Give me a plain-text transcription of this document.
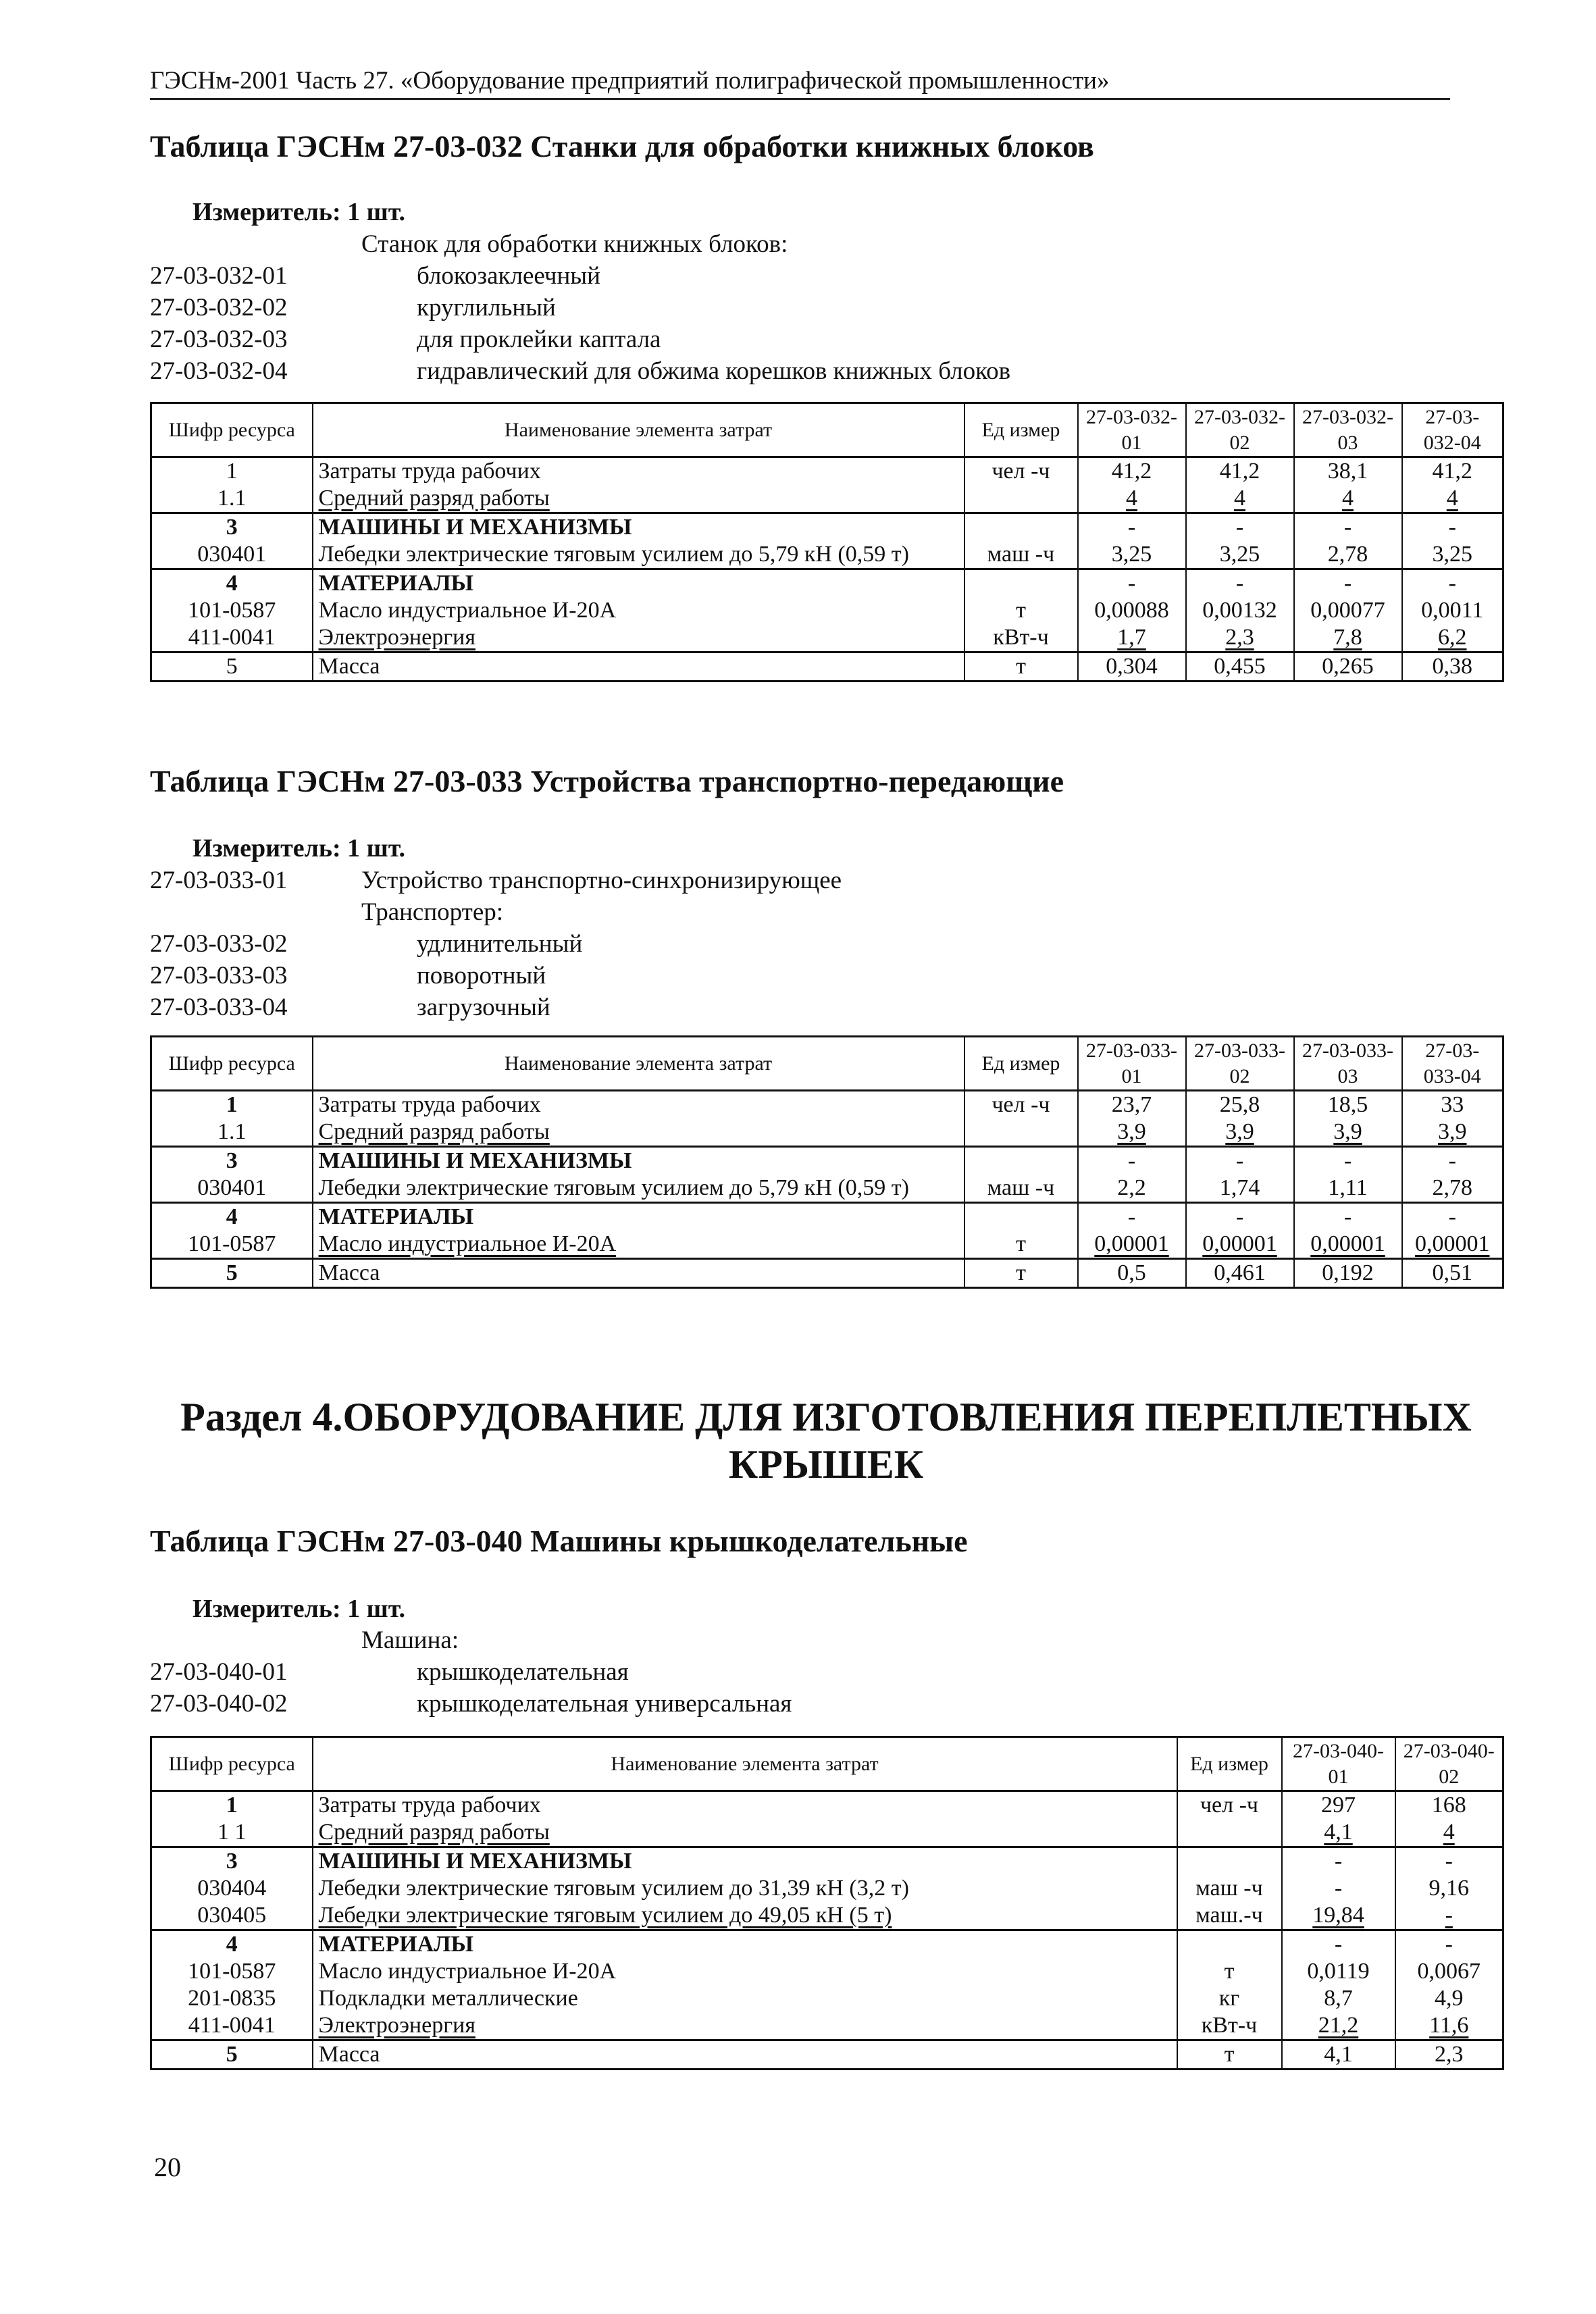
ГЭСНм-2001 Часть 27. «Оборудование предприятий полиграфической промышленности»
Таблица ГЭСНм 27-03-032 Станки для обработки книжных блоков
Измеритель: 1 шт.
Станок для обработки книжных блоков:
27-03-032-01	блокозаклеечный
27-03-032-02	круглильный
27-03-032-03	для проклейки каптала
27-03-032-04	гидравлический для обжима корешков книжных блоков
Шифр ресурса	Наименование элемента затрат	Ед измер	27-03-032-01	27-03-032-02	27-03-032-03	27-03-032-04
1	Затраты труда рабочих	чел -ч	41,2	41,2	38,1	41,2
1.1	Средний разряд работы		4	4	4	4
3	МАШИНЫ И МЕХАНИЗМЫ		-	-	-	-
030401	Лебедки электрические тяговым усилием до 5,79 кН (0,59 т)	маш -ч	3,25	3,25	2,78	3,25
4	МАТЕРИАЛЫ		-	-	-	-
101-0587	Масло индустриальное И-20А	т	0,00088	0,00132	0,00077	0,0011
411-0041	Электроэнергия	кВт-ч	1,7	2,3	7,8	6,2
5	Масса	т	0,304	0,455	0,265	0,38
Таблица ГЭСНм 27-03-033 Устройства транспортно-передающие
Измеритель: 1 шт.
27-03-033-01	Устройство транспортно-синхронизирующее
Транспортер:
27-03-033-02	удлинительный
27-03-033-03	поворотный
27-03-033-04	загрузочный
Шифр ресурса	Наименование элемента затрат	Ед измер	27-03-033-01	27-03-033-02	27-03-033-03	27-03-033-04
1	Затраты труда рабочих	чел -ч	23,7	25,8	18,5	33
1.1	Средний разряд работы		3,9	3,9	3,9	3,9
3	МАШИНЫ И МЕХАНИЗМЫ		-	-	-	-
030401	Лебедки электрические тяговым усилием до 5,79 кН (0,59 т)	маш -ч	2,2	1,74	1,11	2,78
4	МАТЕРИАЛЫ		-	-	-	-
101-0587	Масло индустриальное И-20А	т	0,00001	0,00001	0,00001	0,00001
5	Масса	т	0,5	0,461	0,192	0,51
Раздел 4.ОБОРУДОВАНИЕ ДЛЯ ИЗГОТОВЛЕНИЯ ПЕРЕПЛЕТНЫХ КРЫШЕК
Таблица ГЭСНм 27-03-040 Машины крышкоделательные
Измеритель: 1 шт.
Машина:
27-03-040-01	крышкоделательная
27-03-040-02	крышкоделательная универсальная
Шифр ресурса	Наименование элемента затрат	Ед измер	27-03-040-01	27-03-040-02
1	Затраты труда рабочих	чел -ч	297	168
1 1	Средний разряд работы		4,1	4
3	МАШИНЫ И МЕХАНИЗМЫ		-	-
030404	Лебедки электрические тяговым усилием до 31,39 кН (3,2 т)	маш -ч	-	9,16
030405	Лебедки электрические тяговым усилием до 49,05 кН (5 т)	маш.-ч	19,84	-
4	МАТЕРИАЛЫ		-	-
101-0587	Масло индустриальное И-20А	т	0,0119	0,0067
201-0835	Подкладки металлические	кг	8,7	4,9
411-0041	Электроэнергия	кВт-ч	21,2	11,6
5	Масса	т	4,1	2,3
20
